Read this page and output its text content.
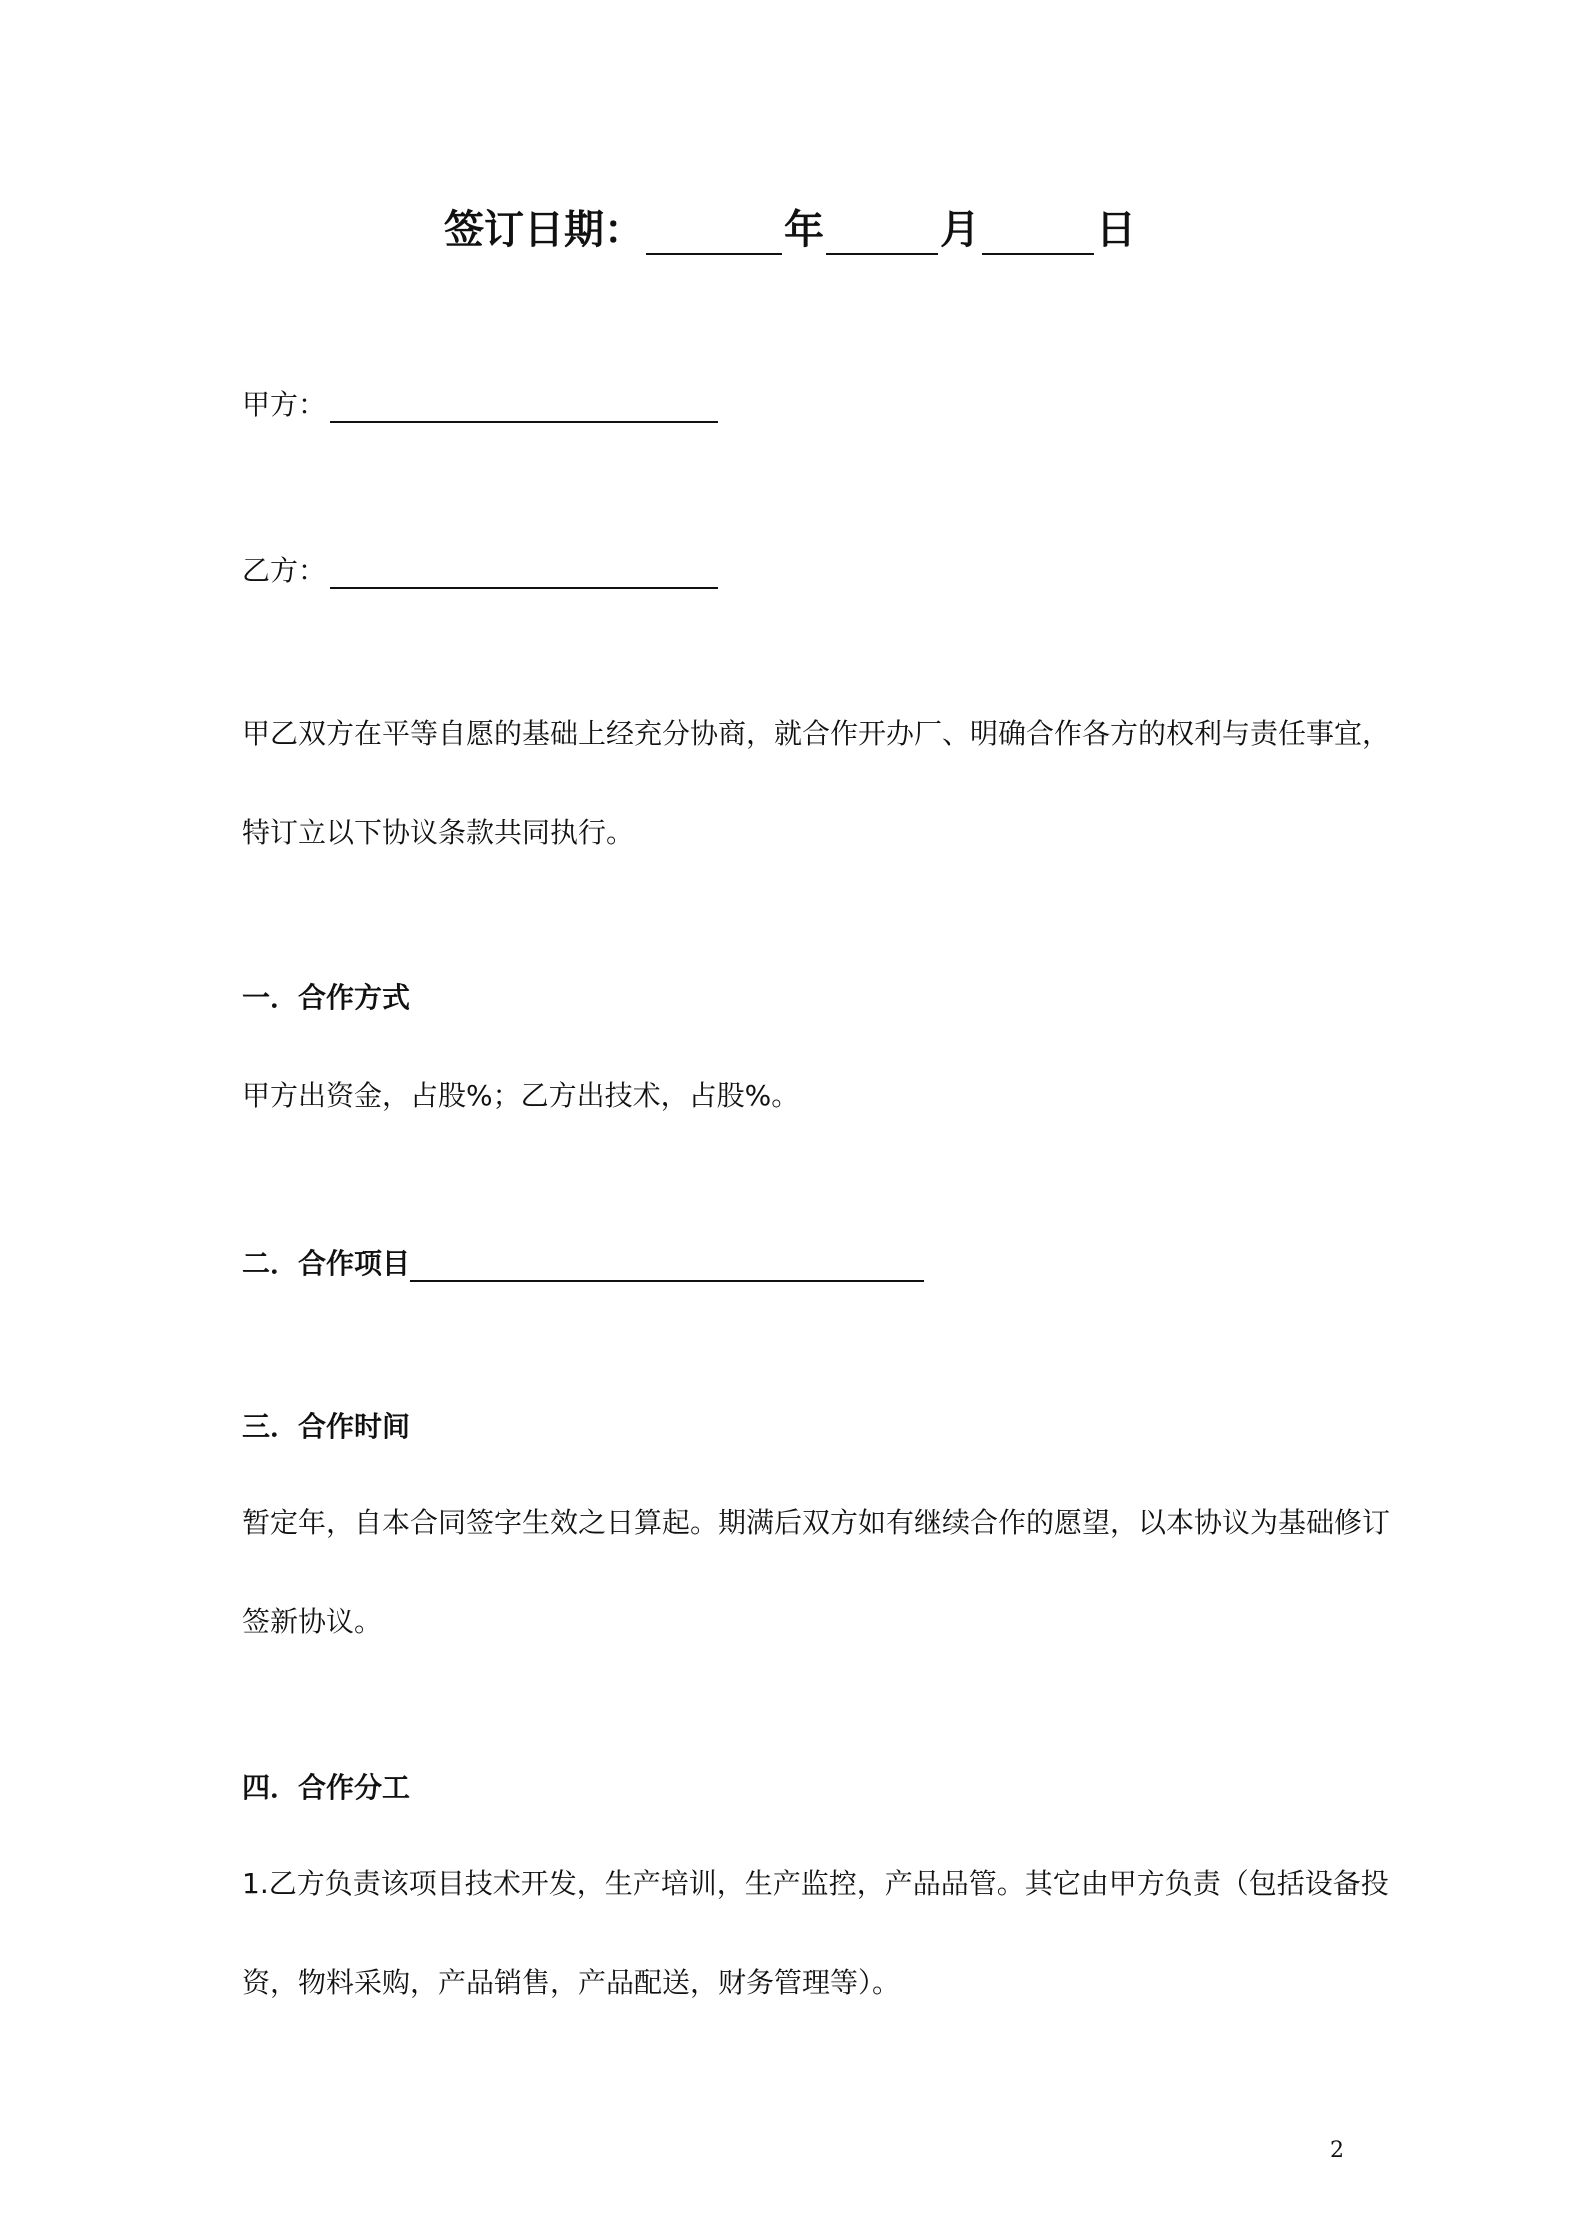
签订日期：	年	月	日
甲方：
乙方：
甲乙双方在平等自愿的基础上经充分协商，就合作开办厂、明确合作各方的权利与责任事宜，
特订立以下协议条款共同执行。
一．合作方式
甲方出资金，占股%；乙方出技术，占股%。
二．合作项目
三．合作时间
暂定年，自本合同签字生效之日算起。期满后双方如有继续合作的愿望，以本协议为基础修订
签新协议。
四．合作分工
1.乙方负责该项目技术开发，生产培训，生产监控，产品品管。其它由甲方负责（包括设备投
资，物料采购，产品销售，产品配送，财务管理等）。
2
